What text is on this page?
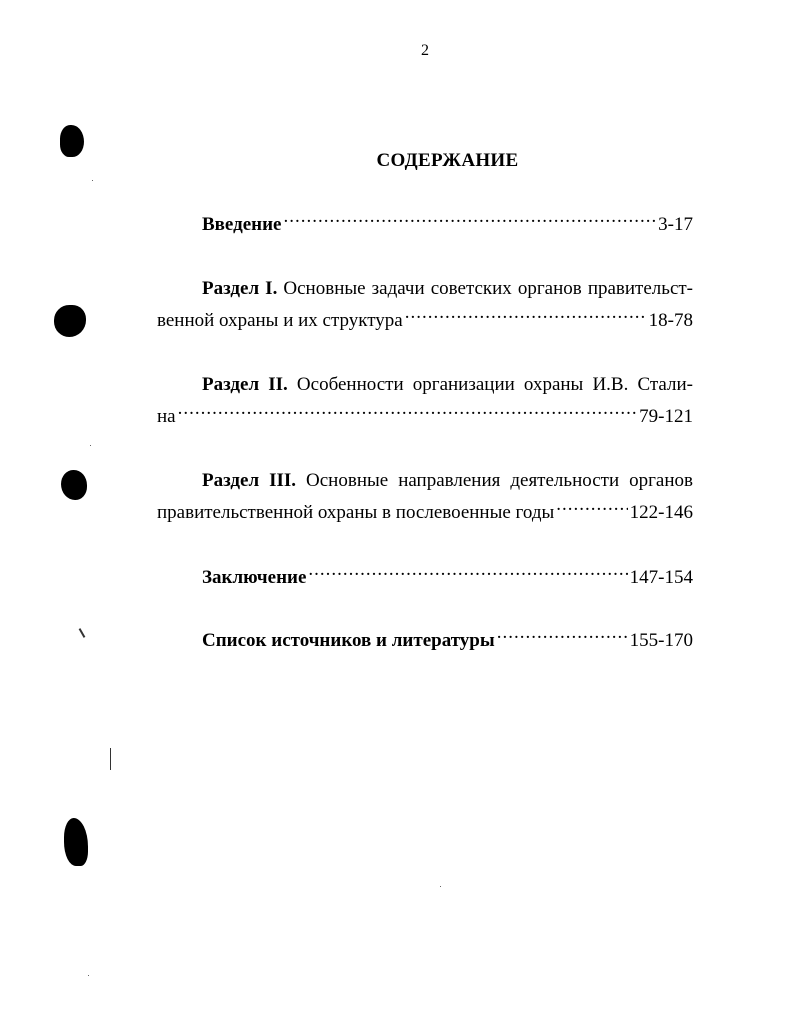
2
СОДЕРЖАНИЕ
Введение .....	3-17
Раздел I. Основные задачи советских органов правительст-
венной охраны и их структура .....	18-78
Раздел II. Особенности организации охраны И.В. Стали-
на .....	79-121
Раздел III. Основные направления деятельности органов
правительственной охраны в послевоенные годы .....	122-146
Заключение .....	147-154
Список источников и литературы .....	155-170
